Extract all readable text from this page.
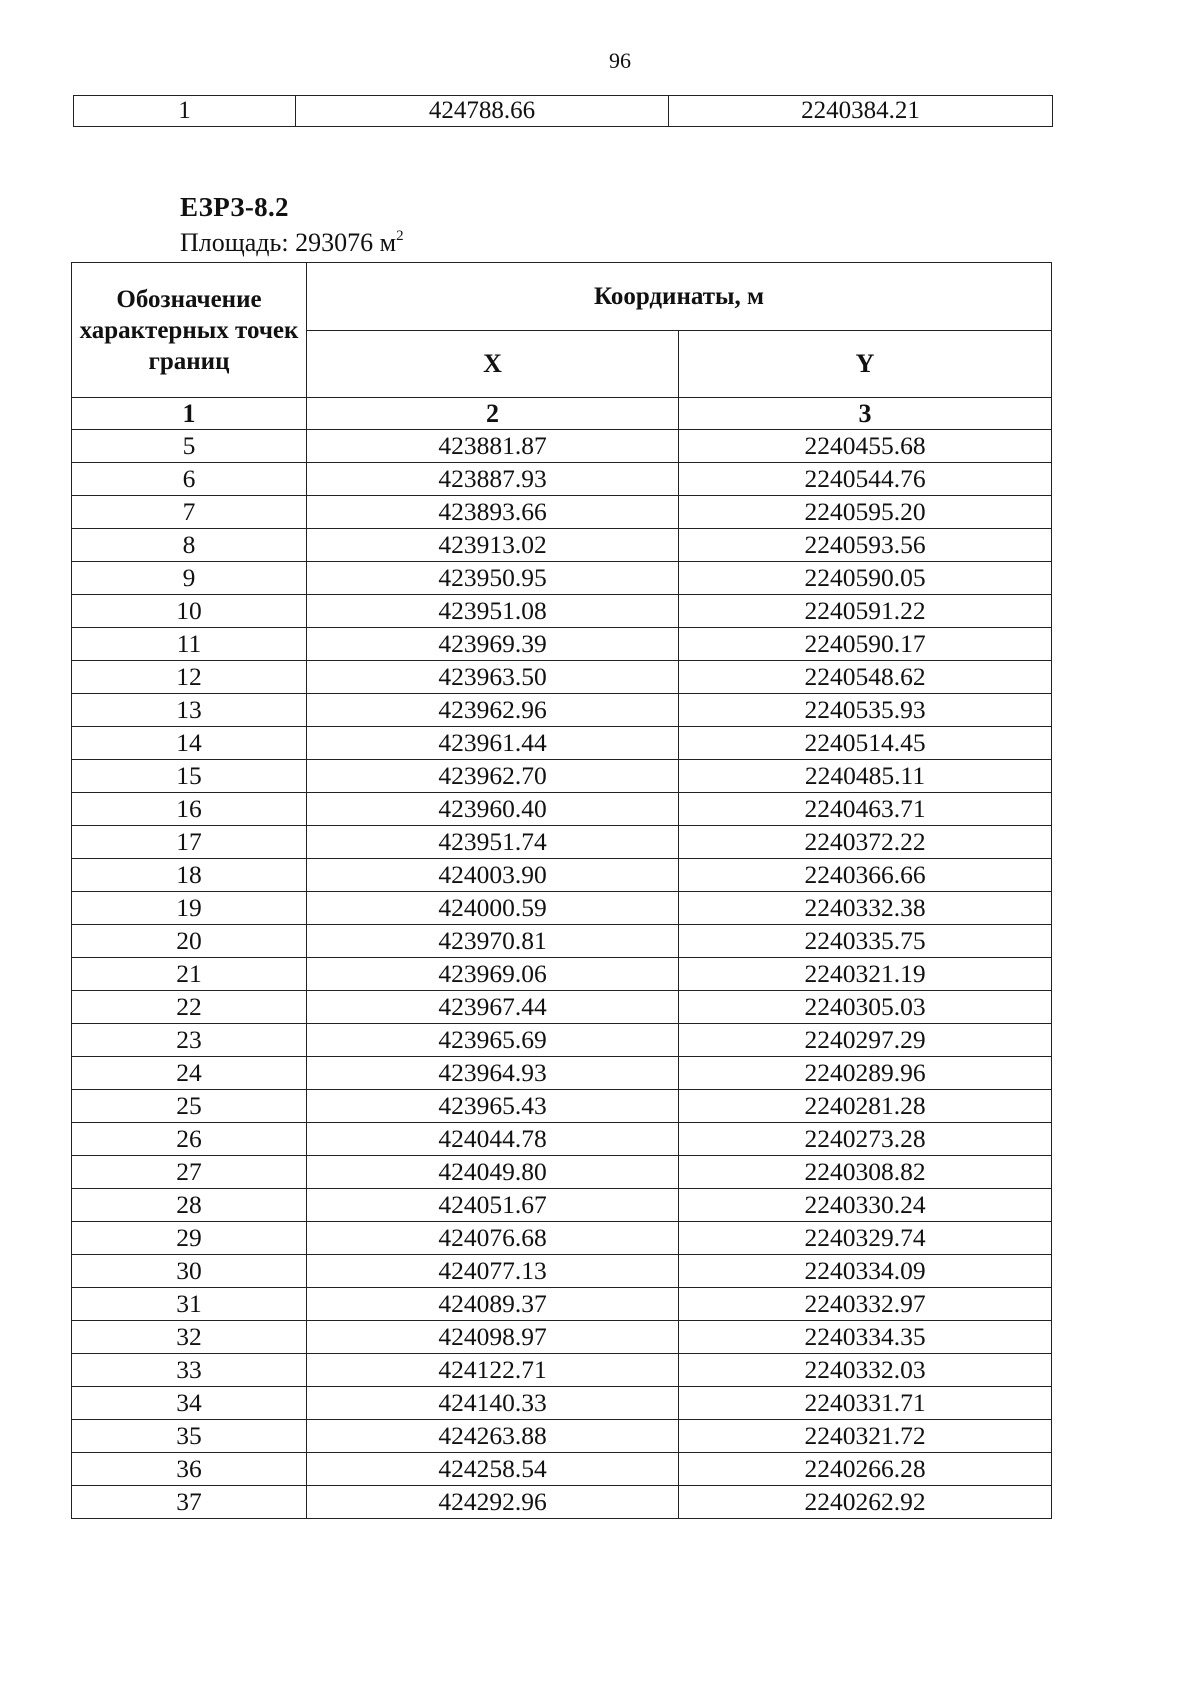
96
1	424788.66	2240384.21
ЕЗРЗ-8.2
Площадь: 293076 $м^2$
Обозначение характерных точек границ	Координаты, м	
	X	Y
1	2	3
5	423881.87	2240455.68
6	423887.93	2240544.76
7	423893.66	2240595.20
8	423913.02	2240593.56
9	423950.95	2240590.05
10	423951.08	2240591.22
11	423969.39	2240590.17
12	423963.50	2240548.62
13	423962.96	2240535.93
14	423961.44	2240514.45
15	423962.70	2240485.11
16	423960.40	2240463.71
17	423951.74	2240372.22
18	424003.90	2240366.66
19	424000.59	2240332.38
20	423970.81	2240335.75
21	423969.06	2240321.19
22	423967.44	2240305.03
23	423965.69	2240297.29
24	423964.93	2240289.96
25	423965.43	2240281.28
26	424044.78	2240273.28
27	424049.80	2240308.82
28	424051.67	2240330.24
29	424076.68	2240329.74
30	424077.13	2240334.09
31	424089.37	2240332.97
32	424098.97	2240334.35
33	424122.71	2240332.03
34	424140.33	2240331.71
35	424263.88	2240321.72
36	424258.54	2240266.28
37	424292.96	2240262.92
